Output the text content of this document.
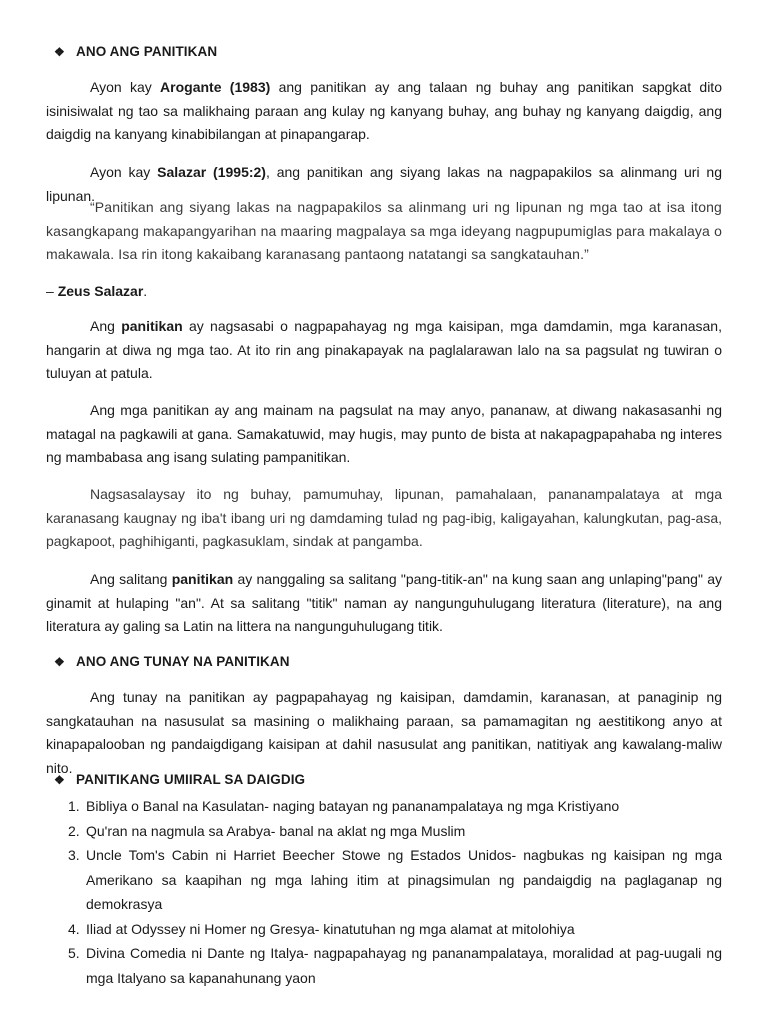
❖ ANO ANG PANITIKAN

Ayon kay Arogante (1983) ang panitikan ay ang talaan ng buhay ang panitikan sapgkat dito isinisiwalat ng tao sa malikhaing paraan ang kulay ng kanyang buhay, ang buhay ng kanyang daigdig, ang daigdig na kanyang kinabibilangan at pinapangarap.

Ayon kay Salazar (1995:2), ang panitikan ang siyang lakas na nagpapakilos sa alinmang uri ng lipunan.

“Panitikan ang siyang lakas na nagpapakilos sa alinmang uri ng lipunan ng mga tao at isa itong kasangkapang makapangyarihan na maaring magpalaya sa mga ideyang nagpupumiglas para makalaya o makawala. Isa rin itong kakaibang karanasang pantaong natatangi sa sangkatauhan.”

– Zeus Salazar.

Ang panitikan ay nagsasabi o nagpapahayag ng mga kaisipan, mga damdamin, mga karanasan, hangarin at diwa ng mga tao. At ito rin ang pinakapayak na paglalarawan lalo na sa pagsulat ng tuwiran o tuluyan at patula.

Ang mga panitikan ay ang mainam na pagsulat na may anyo, pananaw, at diwang nakasasanhi ng matagal na pagkawili at gana. Samakatuwid, may hugis, may punto de bista at nakapagpapahaba ng interes ng mambabasa ang isang sulating pampanitikan.

Nagsasalaysay ito ng buhay, pamumuhay, lipunan, pamahalaan, pananampalataya at mga karanasang kaugnay ng iba't ibang uri ng damdaming tulad ng pag-ibig, kaligayahan, kalungkutan, pag-asa, pagkapoot, paghihiganti, pagkasuklam, sindak at pangamba.

Ang salitang panitikan ay nanggaling sa salitang "pang-titik-an" na kung saan ang unlaping"pang" ay ginamit at hulaping "an". At sa salitang "titik" naman ay nangunguhulugang literatura (literature), na ang literatura ay galing sa Latin na littera na nangunguhulugang titik.

❖ ANO ANG TUNAY NA PANITIKAN

Ang tunay na panitikan ay pagpapahayag ng kaisipan, damdamin, karanasan, at panaginip ng sangkatauhan na nasusulat sa masining o malikhaing paraan, sa pamamagitan ng aestitikong anyo at kinapapalooban ng pandaigdigang kaisipan at dahil nasusulat ang panitikan, natitiyak ang kawalang-maliw nito.

❖ PANITIKANG UMIIRAL SA DAIGDIG
1. Bibliya o Banal na Kasulatan- naging batayan ng pananampalataya ng mga Kristiyano
2. Qu'ran na nagmula sa Arabya- banal na aklat ng mga Muslim
3. Uncle Tom's Cabin ni Harriet Beecher Stowe ng Estados Unidos- nagbukas ng kaisipan ng mga Amerikano sa kaapihan ng mga lahing itim at pinagsimulan ng pandaigdig na paglaganap ng demokrasya
4. Iliad at Odyssey ni Homer ng Gresya- kinatutuhan ng mga alamat at mitolohiya
5. Divina Comedia ni Dante ng Italya- nagpapahayag ng pananampalataya, moralidad at pag-uugali ng mga Italyano sa kapanahunang yaon
